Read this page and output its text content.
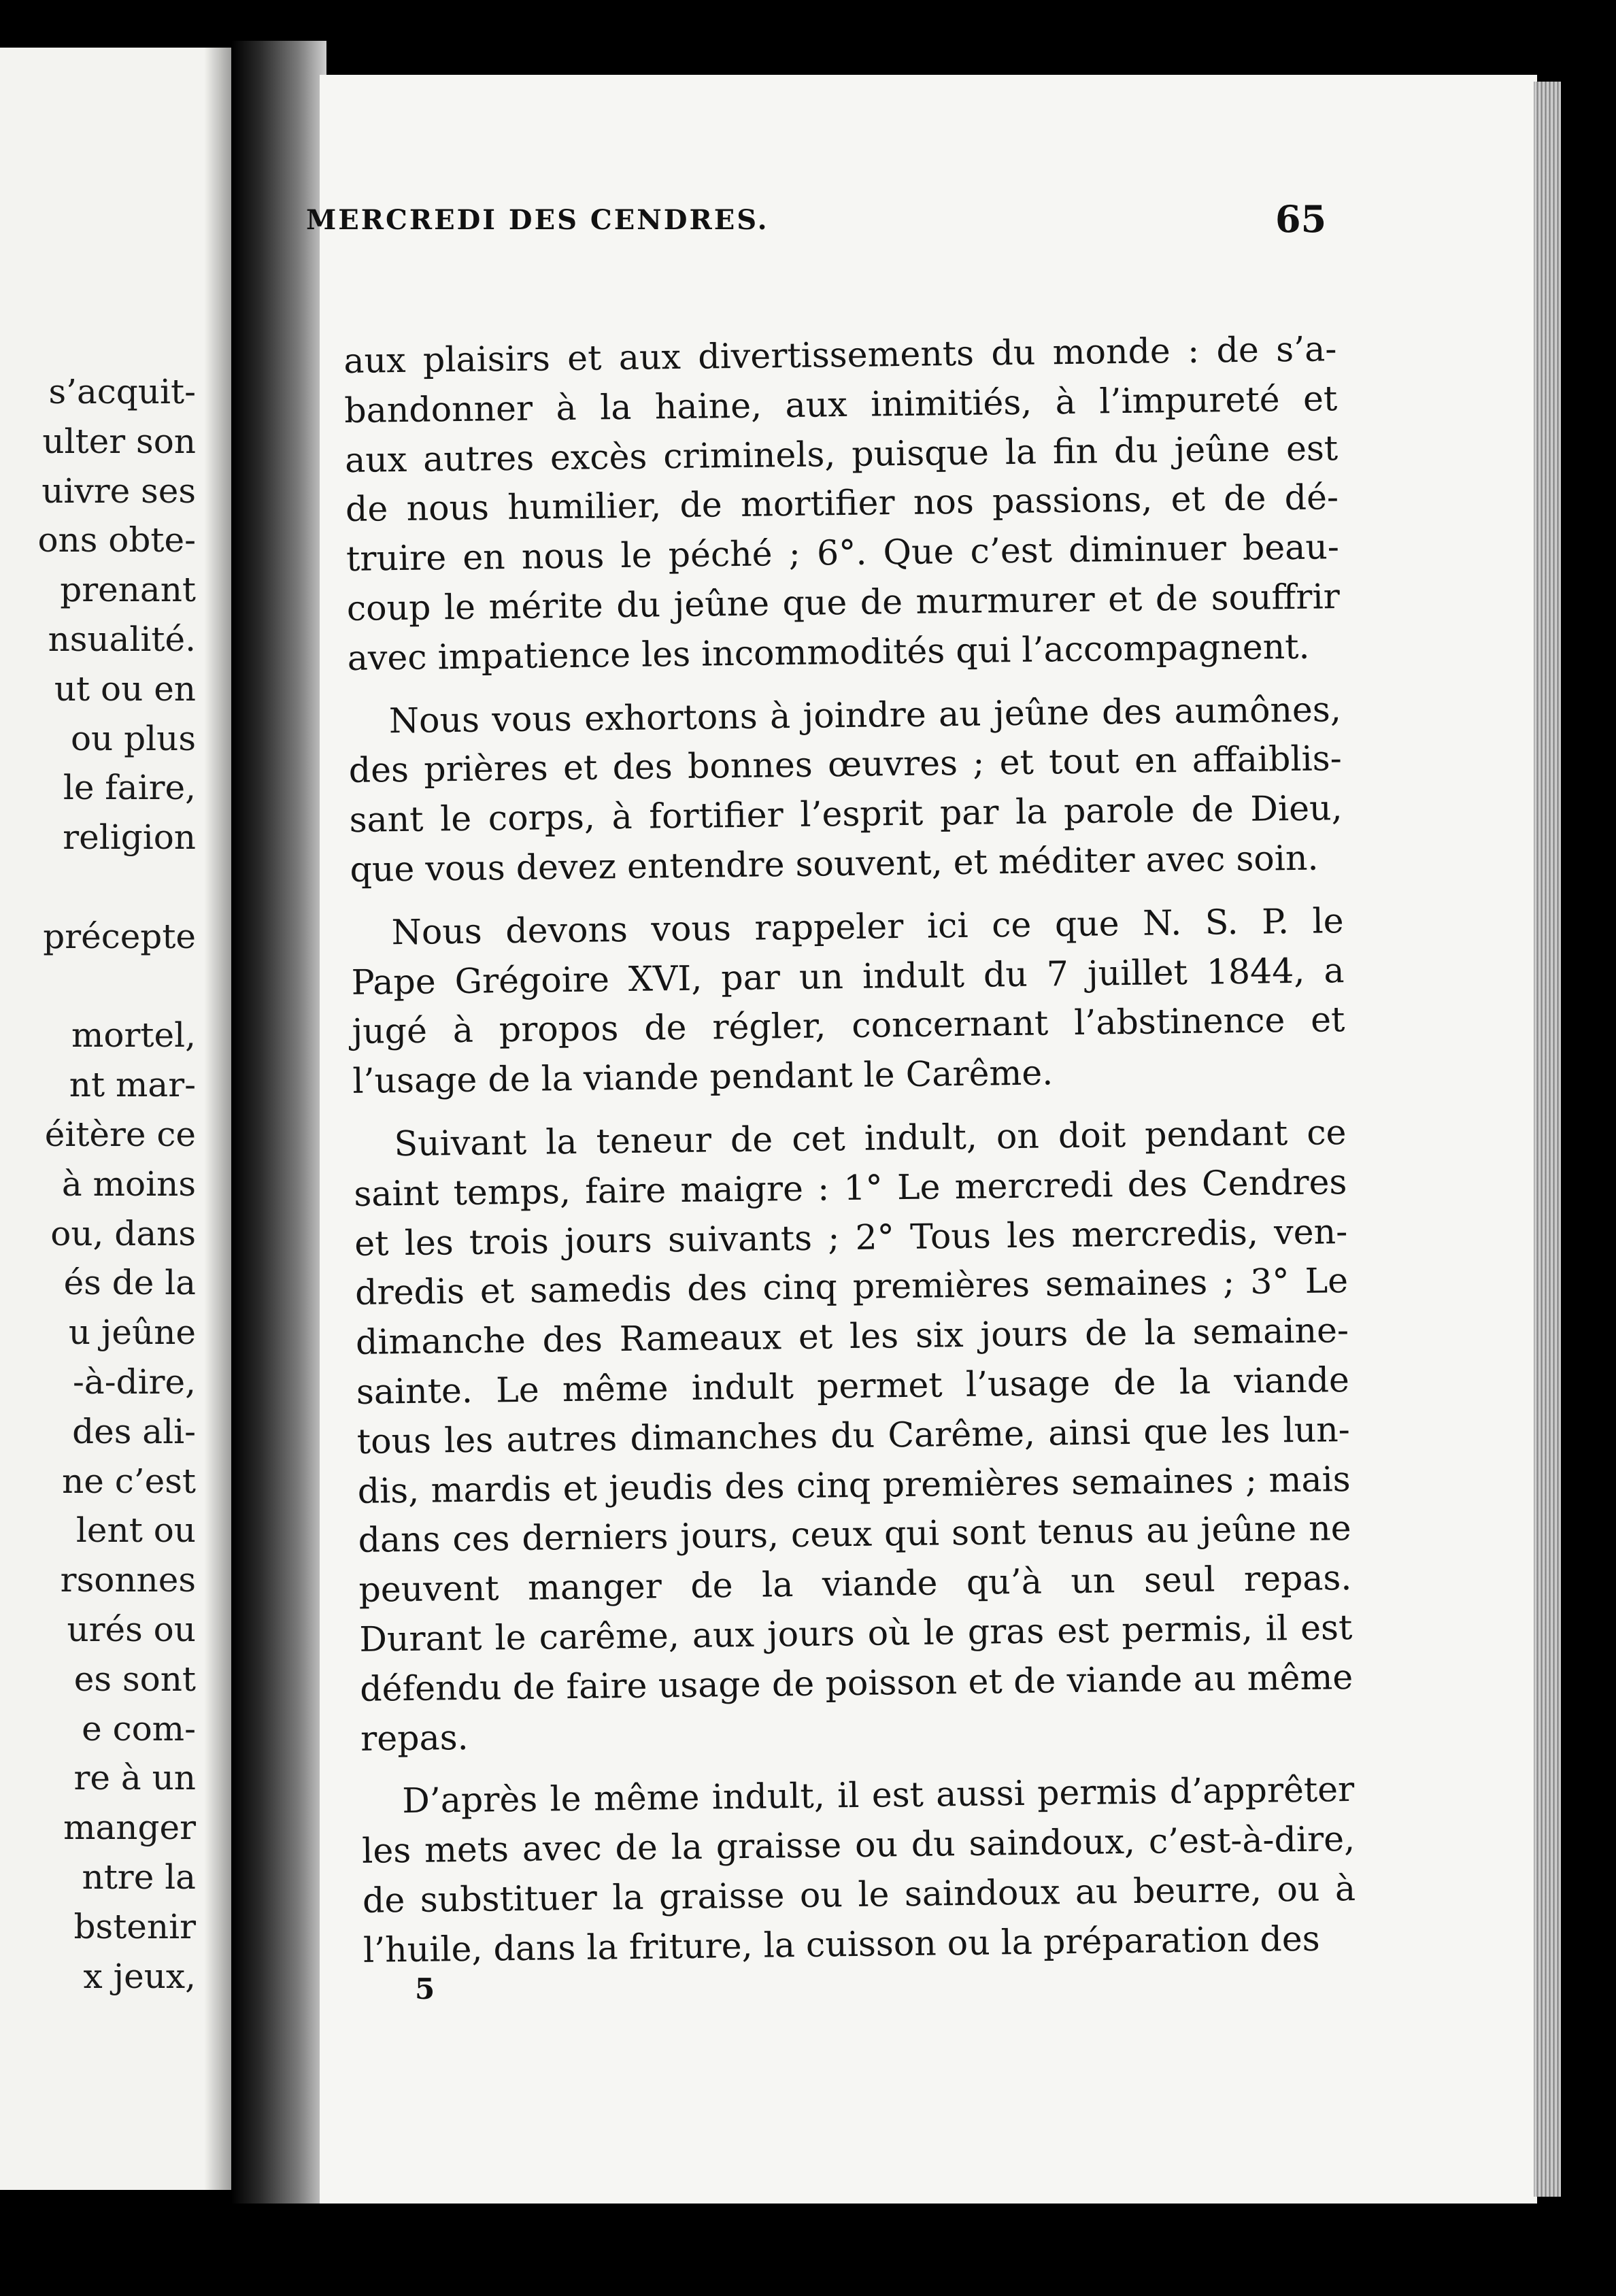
s’acquit-
ulter son
uivre ses
ons obte-
prenant
nsualité.
ut ou en
ou plus
le faire,
religion
précepte
mortel,
nt mar-
éitère ce
à moins
ou, dans
és de la
u jeûne
-à-dire,
des ali-
ne c’est
lent ou
rsonnes
urés ou
es sont
e com-
re à un
manger
ntre la
bstenir
x jeux,
MERCREDI DES CENDRES.	65
aux plaisirs et aux divertissements du monde : de s’a-
bandonner à la haine, aux inimitiés, à l’impureté et
aux autres excès criminels, puisque la fin du jeûne est
de nous humilier, de mortifier nos passions, et de dé-
truire en nous le péché ; 6°. Que c’est diminuer beau-
coup le mérite du jeûne que de murmurer et de souffrir
avec impatience les incommodités qui l’accompagnent.
Nous vous exhortons à joindre au jeûne des aumônes,
des prières et des bonnes œuvres ; et tout en affaiblis-
sant le corps, à fortifier l’esprit par la parole de Dieu,
que vous devez entendre souvent, et méditer avec soin.
Nous devons vous rappeler ici ce que N. S. P. le
Pape Grégoire XVI, par un indult du 7 juillet 1844, a
jugé à propos de régler, concernant l’abstinence et
l’usage de la viande pendant le Carême.
Suivant la teneur de cet indult, on doit pendant ce
saint temps, faire maigre : 1° Le mercredi des Cendres
et les trois jours suivants ; 2° Tous les mercredis, ven-
dredis et samedis des cinq premières semaines ; 3° Le
dimanche des Rameaux et les six jours de la semaine-
sainte. Le même indult permet l’usage de la viande
tous les autres dimanches du Carême, ainsi que les lun-
dis, mardis et jeudis des cinq premières semaines ; mais
dans ces derniers jours, ceux qui sont tenus au jeûne ne
peuvent manger de la viande qu’à un seul repas.
Durant le carême, aux jours où le gras est permis, il est
défendu de faire usage de poisson et de viande au même
repas.
D’après le même indult, il est aussi permis d’apprêter
les mets avec de la graisse ou du saindoux, c’est-à-dire,
de substituer la graisse ou le saindoux au beurre, ou à
l’huile, dans la friture, la cuisson ou la préparation des
5
